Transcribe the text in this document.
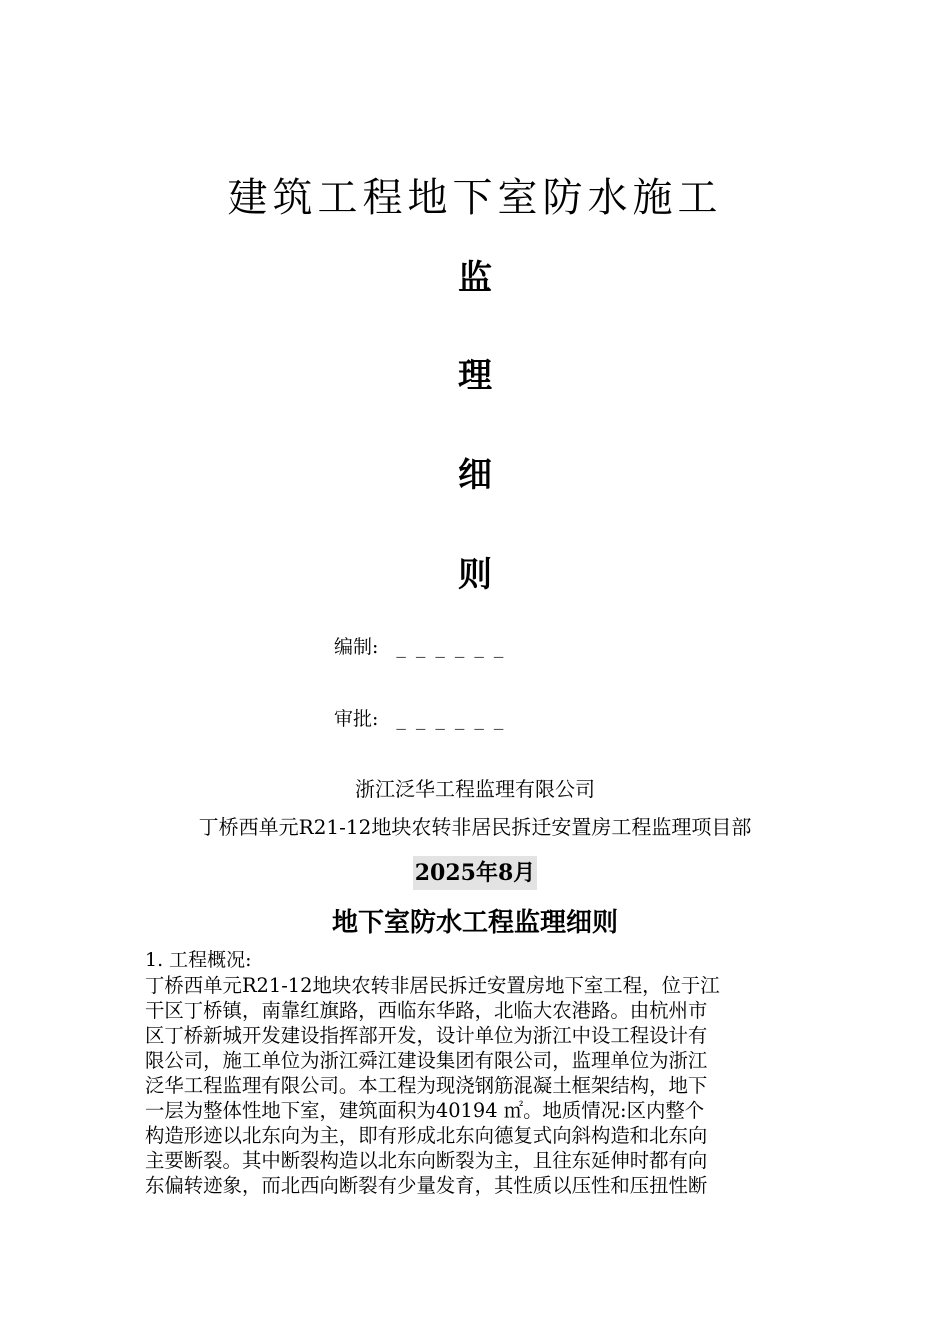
建筑工程地下室防水施工
监
理
细
则
编制: ______
审批: ______
浙江泛华工程监理有限公司
丁桥西单元R21-12地块农转非居民拆迁安置房工程监理项目部
2025年8月
地下室防水工程监理细则
1. 工程概况:
丁桥西单元R21-12地块农转非居民拆迁安置房地下室工程，位于江
干区丁桥镇，南靠红旗路，西临东华路，北临大农港路。由杭州市
区丁桥新城开发建设指挥部开发，设计单位为浙江中设工程设计有
限公司，施工单位为浙江舜江建设集团有限公司，监理单位为浙江
泛华工程监理有限公司。本工程为现浇钢筋混凝土框架结构，地下
一层为整体性地下室，建筑面积为40194 ㎡。地质情况:区内整个
构造形迹以北东向为主，即有形成北东向德复式向斜构造和北东向
主要断裂。其中断裂构造以北东向断裂为主，且往东延伸时都有向
东偏转迹象，而北西向断裂有少量发育，其性质以压性和压扭性断
